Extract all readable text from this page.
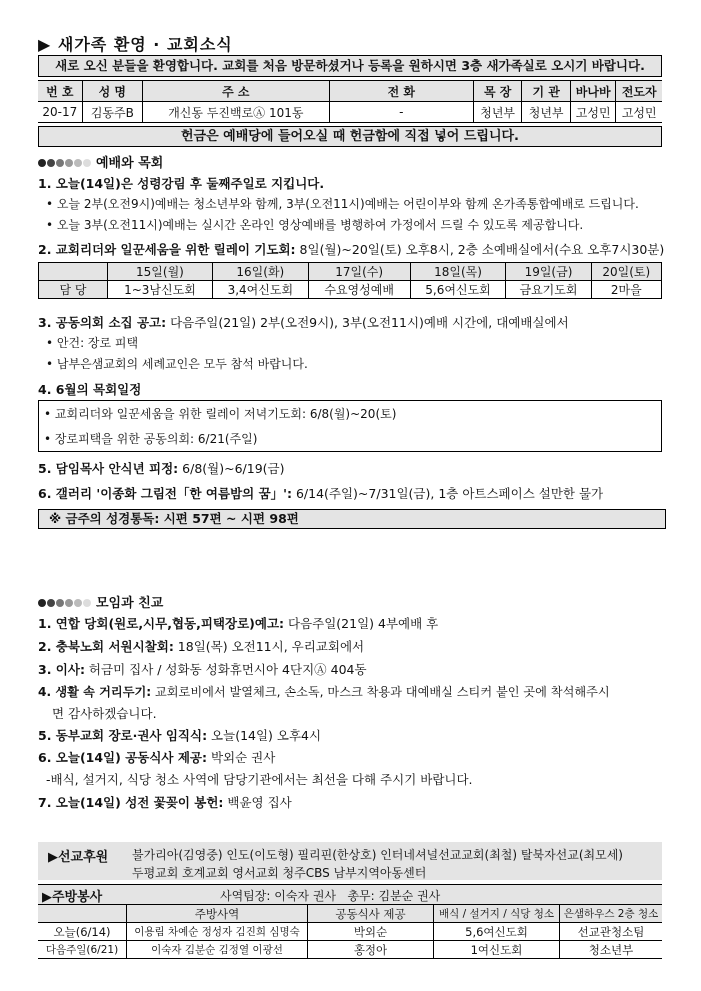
▶ 새가족 환영 · 교회소식
새로 오신 분들을 환영합니다. 교회를 처음 방문하셨거나 등록을 원하시면 3층 새가족실로 오시기 바랍니다.
번 호	성 명	주 소	전 화	목 장	기 관	바나바	전도자
20-17	김동주B	개신동 두진백로Ⓐ 101동	-	청년부	청년부	고성민	고성민
헌금은 예배당에 들어오실 때 헌금함에 직접 넣어 드립니다.
예배와 목회
1. 오늘(14일)은 성령강림 후 둘째주일로 지킵니다.
• 오늘 2부(오전9시)예배는 청소년부와 함께, 3부(오전11시)예배는 어린이부와 함께 온가족통합예배로 드립니다.
• 오늘 3부(오전11시)예배는 실시간 온라인 영상예배를 병행하여 가정에서 드릴 수 있도록 제공합니다.
2. 교회리더와 일꾼세움을 위한 릴레이 기도회: 8일(월)~20일(토) 오후8시, 2층 소예배실에서(수요 오후7시30분)
	15일(월)	16일(화)	17일(수)	18일(목)	19일(금)	20일(토)
담 당	1~3남신도회	3,4여신도회	수요영성예배	5,6여신도회	금요기도회	2마을
3. 공동의회 소집 공고: 다음주일(21일) 2부(오전9시), 3부(오전11시)예배 시간에, 대예배실에서
• 안건: 장로 피택
• 남부은샘교회의 세례교인은 모두 참석 바랍니다.
4. 6월의 목회일정
• 교회리더와 일꾼세움을 위한 릴레이 저녁기도회: 6/8(월)~20(토)
• 장로피택을 위한 공동의회: 6/21(주일)
5. 담임목사 안식년 피정: 6/8(월)~6/19(금)
6. 갤러리 '이종화 그림전「한 여름밤의 꿈」': 6/14(주일)~7/31일(금), 1층 아트스페이스 설만한 물가
※ 금주의 성경통독: 시편 57편 ~ 시편 98편
모임과 친교
1. 연합 당회(원로,시무,협동,피택장로)예고: 다음주일(21일) 4부예배 후
2. 충북노회 서원시찰회: 18일(목) 오전11시, 우리교회에서
3. 이사: 허금미 집사 / 성화동 성화휴먼시아 4단지Ⓐ 404동
4. 생활 속 거리두기: 교회로비에서 발열체크, 손소독, 마스크 착용과 대예배실 스티커 붙인 곳에 착석해주시
면 감사하겠습니다.
5. 동부교회 장로·권사 임직식: 오늘(14일) 오후4시
6. 오늘(14일) 공동식사 제공: 박외순 권사
-배식, 설거지, 식당 청소 사역에 담당기관에서는 최선을 다해 주시기 바랍니다.
7. 오늘(14일) 성전 꽃꽂이 봉헌: 백윤영 집사
▶선교후원 불가리아(김영중) 인도(이도형) 필리핀(한상호) 인터네셔널선교교회(최철) 탈북자선교(최모세)
두평교회 호계교회 영서교회 청주CBS 남부지역아동센터
▶주방봉사	사역팀장: 이숙자 권사   총무: 김분순 권사
	주방사역	공동식사 제공	배식 / 설거지 / 식당 청소	은샘하우스 2층 청소
오늘(6/14)	이용림 차예순 정성자 김진희 심명숙	박외순	5,6여신도회	선교관청소팀
다음주일(6/21)	이숙자 김분순 김정열 이광선	홍정아	1여신도회	청소년부
